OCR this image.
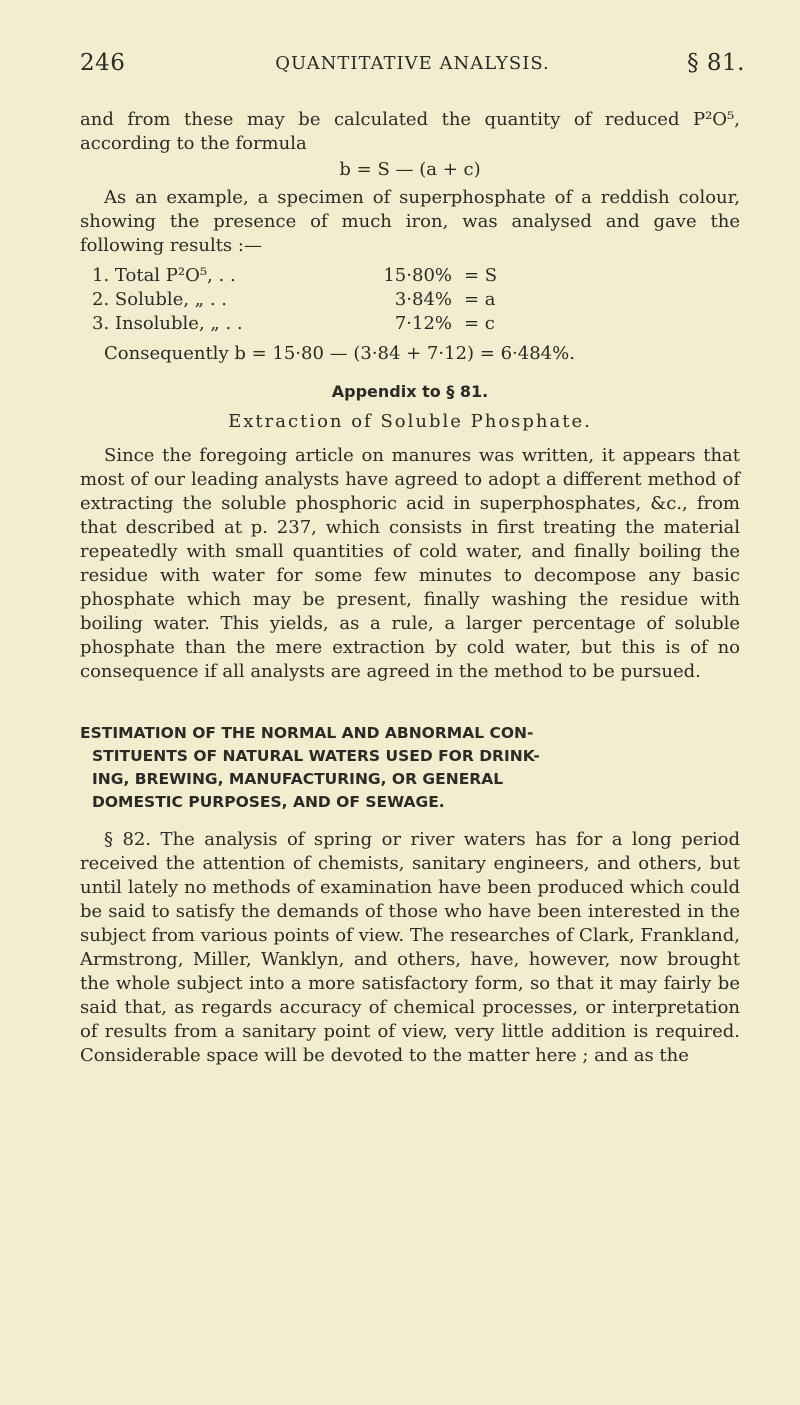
246	QUANTITATIVE ANALYSIS.	§ 81.

and from these may be calculated the quantity of reduced P²O⁵, according to the formula

b = S — (a + c)

As an example, a specimen of superphosphate of a reddish colour, showing the presence of much iron, was analysed and gave the following results :—

1. Total P²O⁵, . .	15·80% = S
2. Soluble, „ . .	3·84% = a
3. Insoluble, „ . .	7·12% = c

Consequently b = 15·80 — (3·84 + 7·12) = 6·484%.

Appendix to § 81.
Extraction of Soluble Phosphate.

Since the foregoing article on manures was written, it appears that most of our leading analysts have agreed to adopt a different method of extracting the soluble phosphoric acid in superphosphates, &c., from that described at p. 237, which consists in first treating the material repeatedly with small quantities of cold water, and finally boiling the residue with water for some few minutes to decompose any basic phosphate which may be present, finally washing the residue with boiling water. This yields, as a rule, a larger percentage of soluble phosphate than the mere extraction by cold water, but this is of no consequence if all analysts are agreed in the method to be pursued.

ESTIMATION OF THE NORMAL AND ABNORMAL CON-
STITUENTS OF NATURAL WATERS USED FOR DRINK-
ING, BREWING, MANUFACTURING, OR GENERAL
DOMESTIC PURPOSES, AND OF SEWAGE.

§ 82. The analysis of spring or river waters has for a long period received the attention of chemists, sanitary engineers, and others, but until lately no methods of examination have been produced which could be said to satisfy the demands of those who have been interested in the subject from various points of view. The researches of Clark, Frankland, Armstrong, Miller, Wanklyn, and others, have, however, now brought the whole subject into a more satisfactory form, so that it may fairly be said that, as regards accuracy of chemical processes, or interpretation of results from a sanitary point of view, very little addition is required. Considerable space will be devoted to the matter here ; and as the
